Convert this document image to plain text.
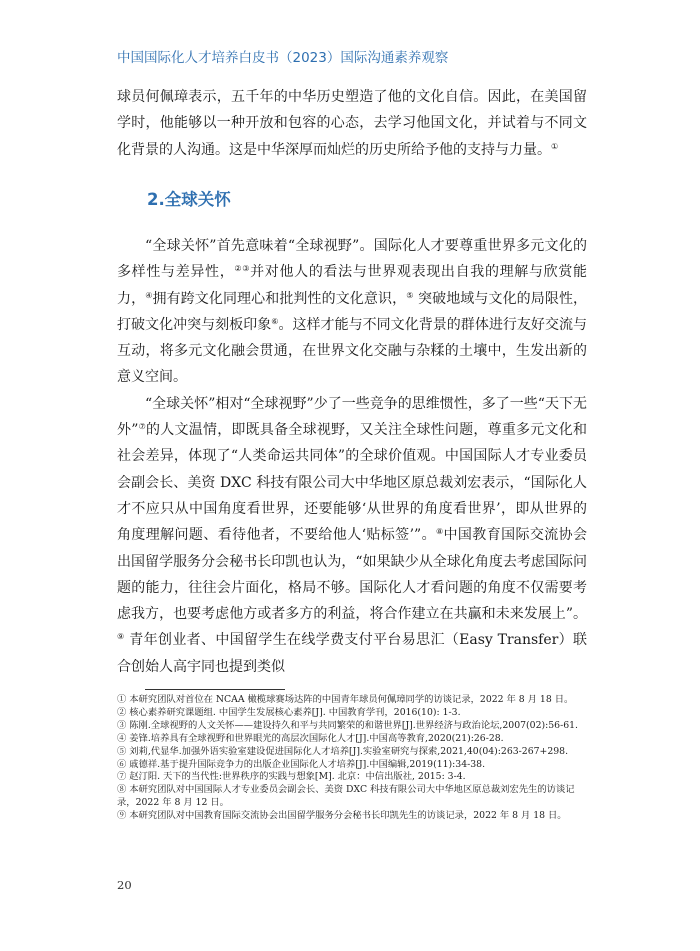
中国国际化人才培养白皮书（2023）国际沟通素养观察

球员何佩璋表示，五千年的中华历史塑造了他的文化自信。因此，在美国留学时，他能够以一种开放和包容的心态，去学习他国文化，并试着与不同文化背景的人沟通。这是中华深厚而灿烂的历史所给予他的支持与力量。①

2.全球关怀

“全球关怀”首先意味着“全球视野”。国际化人才要尊重世界多元文化的多样性与差异性，②③并对他人的看法与世界观表现出自我的理解与欣赏能力，④拥有跨文化同理心和批判性的文化意识，⑤ 突破地域与文化的局限性，打破文化冲突与刻板印象⑥。这样才能与不同文化背景的群体进行友好交流与互动，将多元文化融会贯通，在世界文化交融与杂糅的土壤中，生发出新的意义空间。

“全球关怀”相对“全球视野”少了一些竞争的思维惯性，多了一些“天下无外”⑦的人文温情，即既具备全球视野，又关注全球性问题，尊重多元文化和社会差异，体现了“人类命运共同体”的全球价值观。中国国际人才专业委员会副会长、美资 DXC 科技有限公司大中华地区原总裁刘宏表示，“国际化人才不应只从中国角度看世界，还要能够‘从世界的角度看世界’，即从世界的角度理解问题、看待他者，不要给他人‘贴标签’”。⑧中国教育国际交流协会出国留学服务分会秘书长印凯也认为，“如果缺少从全球化角度去考虑国际问题的能力，往往会片面化，格局不够。国际化人才看问题的角度不仅需要考虑我方，也要考虑他方或者多方的利益，将合作建立在共赢和未来发展上”。⑨ 青年创业者、中国留学生在线学费支付平台易思汇（Easy Transfer）联合创始人高宇同也提到类似

① 本研究团队对首位在 NCAA 橄榄球赛场达阵的中国青年球员何佩璋同学的访谈记录，2022 年 8 月 18 日。
② 核心素养研究课题组. 中国学生发展核心素养[J]. 中国教育学刊，2016(10): 1-3.
③ 陈刚.全球视野的人文关怀——建设持久和平与共同繁荣的和谐世界[J].世界经济与政治论坛,2007(02):56-61.
④ 姜锋.培养具有全球视野和世界眼光的高层次国际化人才[J].中国高等教育,2020(21):26-28.
⑤ 刘莉,代显华.加强外语实验室建设促进国际化人才培养[J].实验室研究与探索,2021,40(04):263-267+298.
⑥ 戚德祥.基于提升国际竞争力的出版企业国际化人才培养[J].中国编辑,2019(11):34-38.
⑦ 赵汀阳. 天下的当代性:世界秩序的实践与想象[M]. 北京：中信出版社, 2015: 3-4.
⑧ 本研究团队对中国国际人才专业委员会副会长、美资 DXC 科技有限公司大中华地区原总裁刘宏先生的访谈记录，2022 年 8 月 12 日。
⑨ 本研究团队对中国教育国际交流协会出国留学服务分会秘书长印凯先生的访谈记录，2022 年 8 月 18 日。
20
